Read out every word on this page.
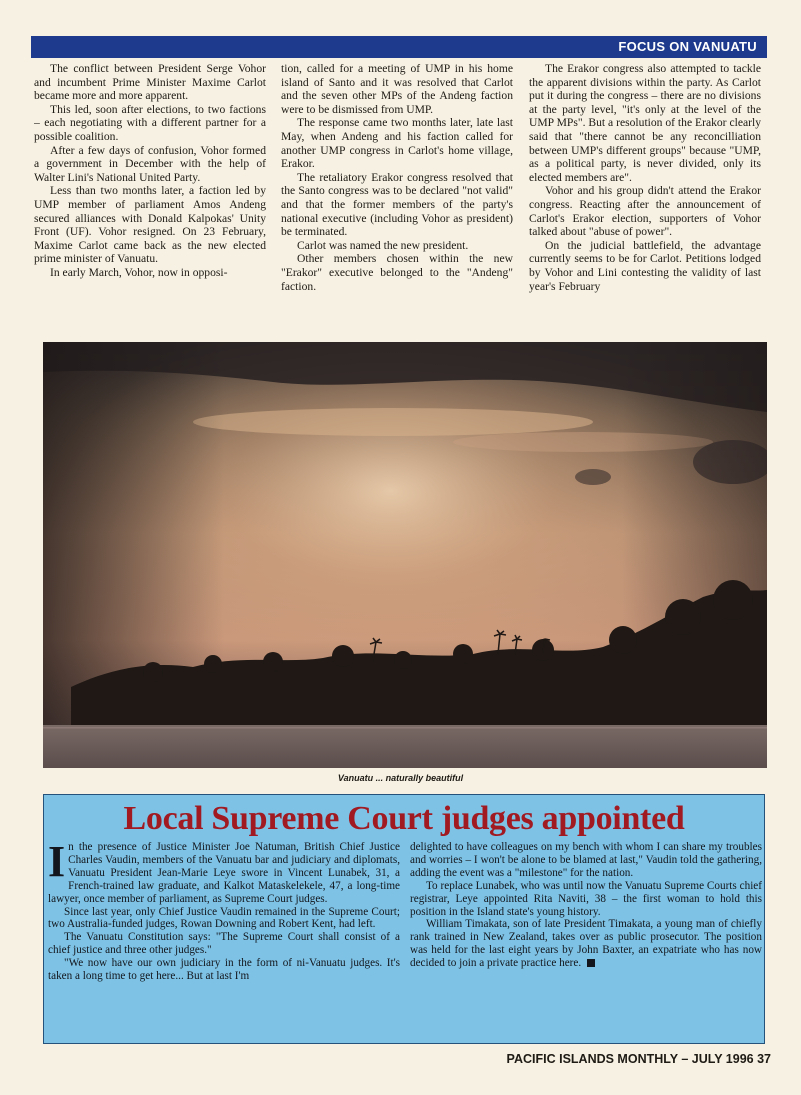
FOCUS ON VANUATU

The conflict between President Serge Vohor and incumbent Prime Minister Maxime Carlot became more and more apparent.

This led, soon after elections, to two factions – each negotiating with a different partner for a possible coalition.

After a few days of confusion, Vohor formed a government in December with the help of Walter Lini's National United Party.

Less than two months later, a faction led by UMP member of parliament Amos Andeng secured alliances with Donald Kalpokas' Unity Front (UF). Vohor resigned. On 23 February, Maxime Carlot came back as the new elected prime minister of Vanuatu.

In early March, Vohor, now in opposi-

tion, called for a meeting of UMP in his home island of Santo and it was resolved that Carlot and the seven other MPs of the Andeng faction were to be dismissed from UMP.

The response came two months later, late last May, when Andeng and his faction called for another UMP congress in Carlot's home village, Erakor.

The retaliatory Erakor congress resolved that the Santo congress was to be declared "not valid" and that the former members of the party's national executive (including Vohor as president) be terminated.

Carlot was named the new president.

Other members chosen within the new "Erakor" executive belonged to the "Andeng" faction.

The Erakor congress also attempted to tackle the apparent divisions within the party. As Carlot put it during the congress – there are no divisions at the party level, "it's only at the level of the UMP MPs". But a resolution of the Erakor clearly said that "there cannot be any reconcilliation between UMP's different groups" because "UMP, as a political party, is never divided, only its elected members are".

Vohor and his group didn't attend the Erakor congress. Reacting after the announcement of Carlot's Erakor election, supporters of Vohor talked about "abuse of power".

On the judicial battlefield, the advantage currently seems to be for Carlot. Petitions lodged by Vohor and Lini contesting the validity of last year's February

Vanuatu ... naturally beautiful
Local Supreme Court judges appointed

In the presence of Justice Minister Joe Natuman, British Chief Justice Charles Vaudin, members of the Vanuatu bar and judiciary and diplomats, Vanuatu President Jean-Marie Leye swore in Vincent Lunabek, 31, a French-trained law graduate, and Kalkot Mataskelekele, 47, a long-time lawyer, once member of parliament, as Supreme Court judges.

Since last year, only Chief Justice Vaudin remained in the Supreme Court; two Australia-funded judges, Rowan Downing and Robert Kent, had left.

The Vanuatu Constitution says: "The Supreme Court shall consist of a chief justice and three other judges."

"We now have our own judiciary in the form of ni-Vanuatu judges. It's taken a long time to get here... But at last I'm

delighted to have colleagues on my bench with whom I can share my troubles and worries – I won't be alone to be blamed at last," Vaudin told the gathering, adding the event was a "milestone" for the nation.

To replace Lunabek, who was until now the Vanuatu Supreme Courts chief registrar, Leye appointed Rita Naviti, 38 – the first woman to hold this position in the Island state's young history.

William Timakata, son of late President Timakata, a young man of chiefly rank trained in New Zealand, takes over as public prosecutor. The position was held for the last eight years by John Baxter, an expatriate who has now decided to join a private practice here.

PACIFIC ISLANDS MONTHLY – JULY 1996 37
